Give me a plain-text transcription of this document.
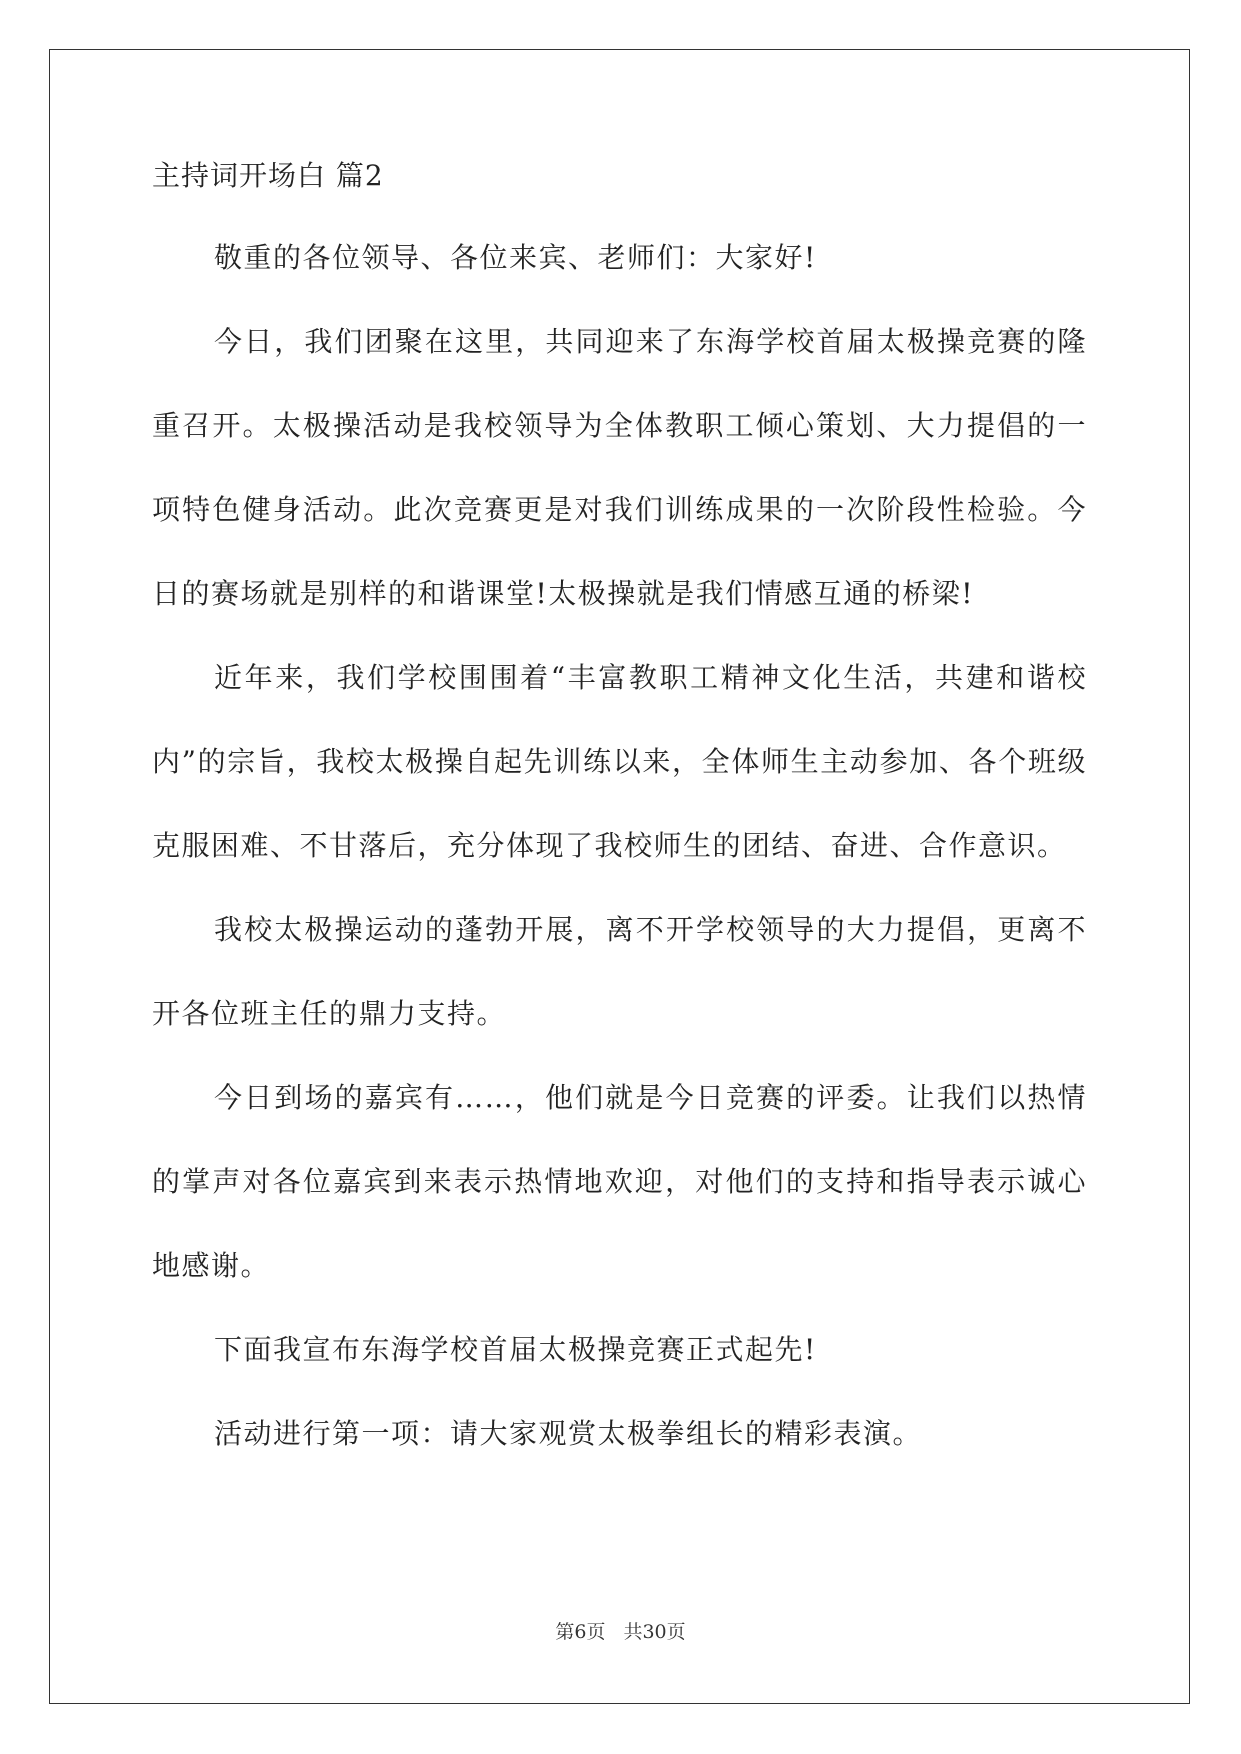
主持词开场白 篇2

敬重的各位领导、各位来宾、老师们：大家好!

今日，我们团聚在这里，共同迎来了东海学校首届太极操竞赛的隆重召开。太极操活动是我校领导为全体教职工倾心策划、大力提倡的一项特色健身活动。此次竞赛更是对我们训练成果的一次阶段性检验。今日的赛场就是别样的和谐课堂!太极操就是我们情感互通的桥梁!

近年来，我们学校围围着“丰富教职工精神文化生活，共建和谐校内”的宗旨，我校太极操自起先训练以来，全体师生主动参加、各个班级克服困难、不甘落后，充分体现了我校师生的团结、奋进、合作意识。

我校太极操运动的蓬勃开展，离不开学校领导的大力提倡，更离不开各位班主任的鼎力支持。

今日到场的嘉宾有……，他们就是今日竞赛的评委。让我们以热情的掌声对各位嘉宾到来表示热情地欢迎，对他们的支持和指导表示诚心地感谢。

下面我宣布东海学校首届太极操竞赛正式起先!

活动进行第一项：请大家观赏太极拳组长的精彩表演。

第6页 共30页
